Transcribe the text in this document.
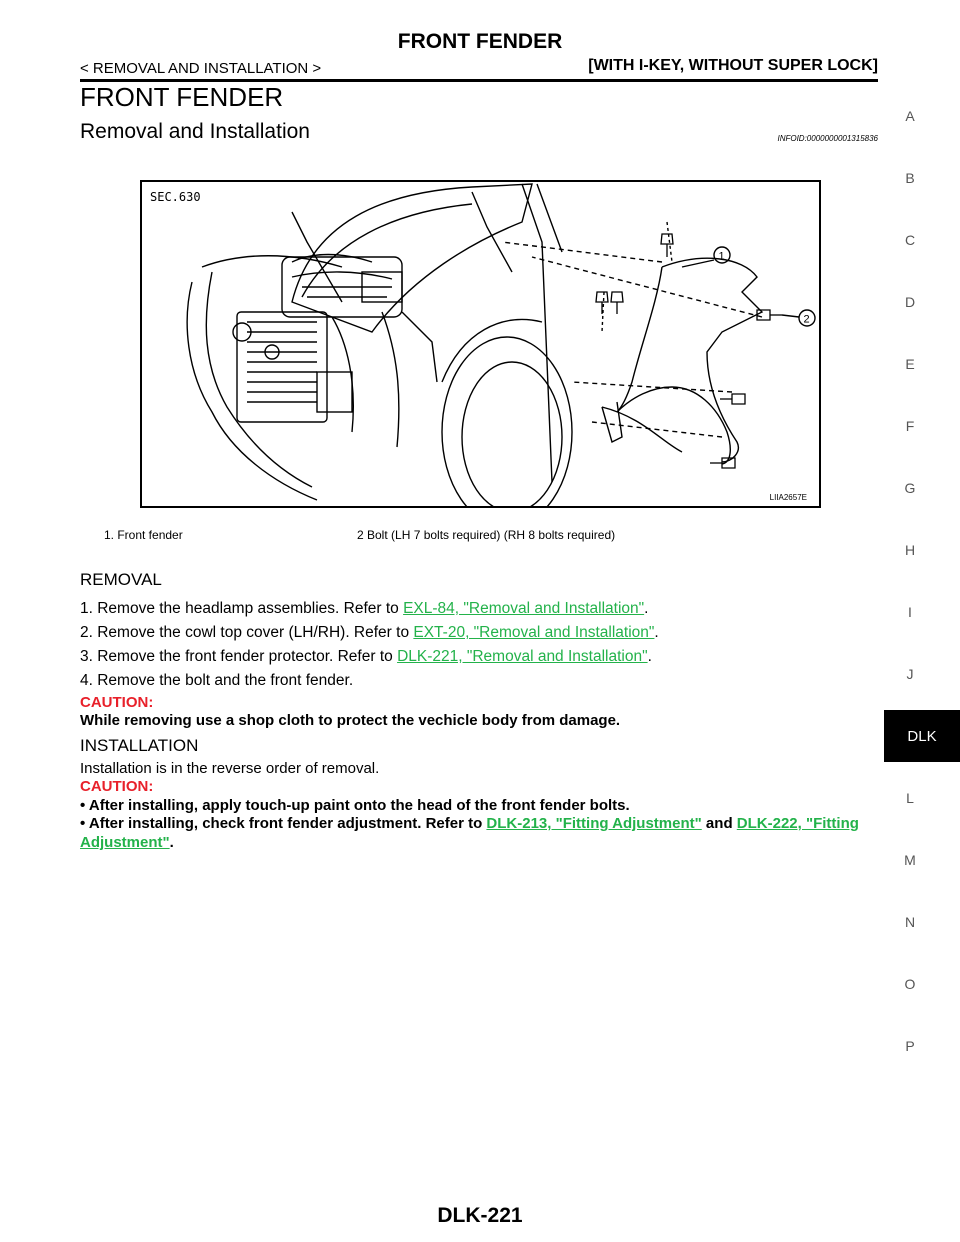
FRONT FENDER
< REMOVAL AND INSTALLATION >	[WITH I-KEY, WITHOUT SUPER LOCK]
FRONT FENDER
Removal and Installation	INFOID:0000000001315836
1
2
SEC.630
LIIA2657E
1. Front fender	2 Bolt (LH 7 bolts required) (RH 8 bolts required)
REMOVAL
1. Remove the headlamp assemblies. Refer to EXL-84, "Removal and Installation".
2. Remove the cowl top cover (LH/RH). Refer to EXT-20, "Removal and Installation".
3. Remove the front fender protector. Refer to DLK-221, "Removal and Installation".
4. Remove the bolt and the front fender.
CAUTION:
While removing use a shop cloth to protect the vechicle body from damage.
INSTALLATION
Installation is in the reverse order of removal.
CAUTION:
• After installing, apply touch-up paint onto the head of the front fender bolts.
• After installing, check front fender adjustment. Refer to DLK-213, "Fitting Adjustment" and DLK-222, "Fitting Adjustment".
A
B
C
D
E
F
G
H
I
J
DLK
L
M
N
O
P
DLK-221
